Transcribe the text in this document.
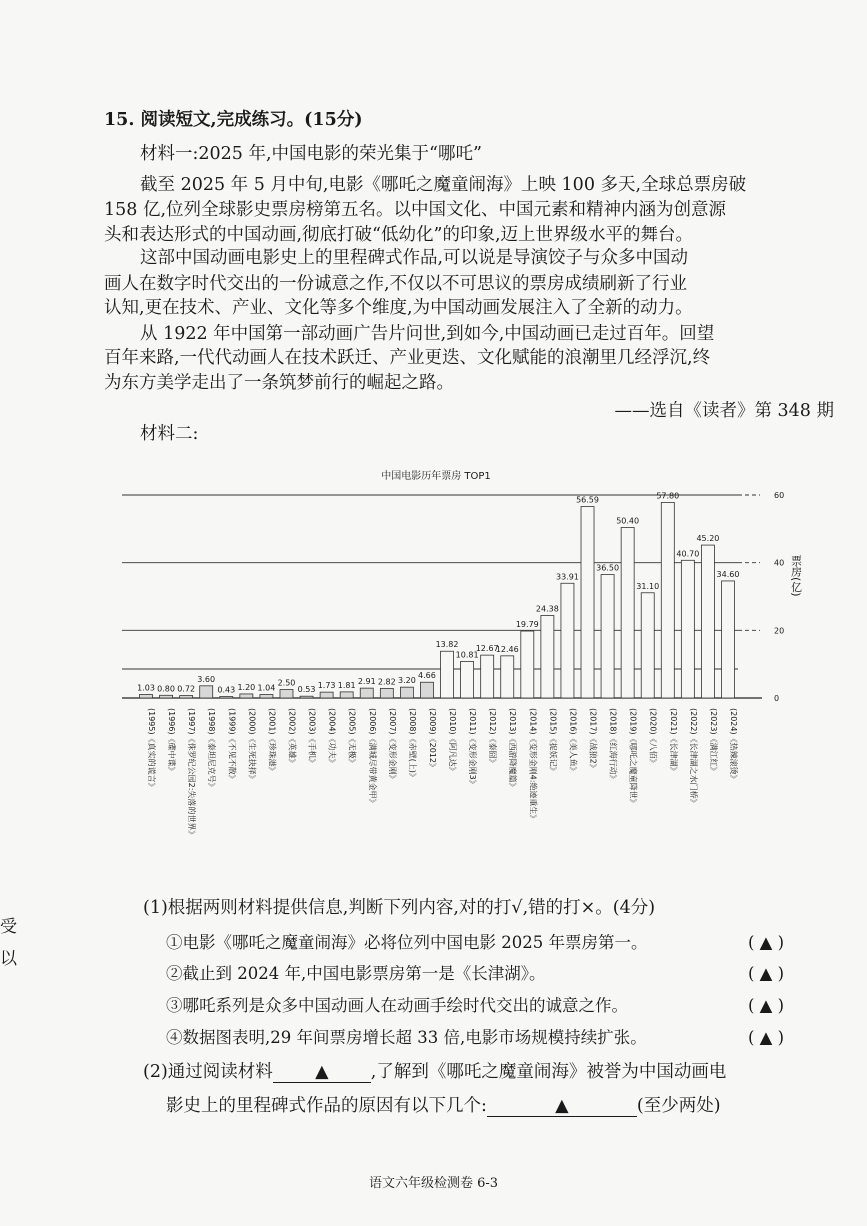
15. 阅读短文,完成练习。(15分)
材料一:2025 年,中国电影的荣光集于“哪吒”
截至 2025 年 5 月中旬,电影《哪吒之魔童闹海》上映 100 多天,全球总票房破
158 亿,位列全球影史票房榜第五名。以中国文化、中国元素和精神内涵为创意源
头和表达形式的中国动画,彻底打破“低幼化”的印象,迈上世界级水平的舞台。
这部中国动画电影史上的里程碑式作品,可以说是导演饺子与众多中国动
画人在数字时代交出的一份诚意之作,不仅以不可思议的票房成绩刷新了行业
认知,更在技术、产业、文化等多个维度,为中国动画发展注入了全新的动力。
从 1922 年中国第一部动画广告片问世,到如今,中国动画已走过百年。回望
百年来路,一代代动画人在技术跃迁、产业更迭、文化赋能的浪潮里几经浮沉,终
为东方美学走出了一条筑梦前行的崛起之路。
——选自《读者》第 348 期
材料二:
受
以
中国电影历年票房 TOP1
0
20
40
60
票房(亿)
1.03
(1995)《真实的谎言》
0.80
(1996)《碟中谍》
0.72
(1997)《侏罗纪公园2:失落的世界》
3.60
(1998)《泰坦尼克号》
0.43
(1999)《不见不散》
1.20
(2000)《生死抉择》
1.04
(2001)《珍珠港》
2.50
(2002)《英雄》
0.53
(2003)《手机》
1.73
(2004)《功夫》
1.81
(2005)《无极》
2.91
(2006)《满城尽带黄金甲》
2.82
(2007)《变形金刚》
3.20
(2008)《赤壁(上)》
4.66
(2009)《2012》
13.82
(2010)《阿凡达》
10.81
(2011)《变形金刚3》
12.67
(2012)《泰囧》
12.46
(2013)《西游降魔篇》
19.79
(2014)《变形金刚4:绝迹重生》
24.38
(2015)《捉妖记》
33.91
(2016)《美人鱼》
56.59
(2017)《战狼2》
36.50
(2018)《红海行动》
50.40
(2019)《哪吒之魔童降世》
31.10
(2020)《八佰》
57.80
(2021)《长津湖》
40.70
(2022)《长津湖之水门桥》
45.20
(2023)《满江红》
34.60
(2024)《热辣滚烫》
(1)根据两则材料提供信息,判断下列内容,对的打√,错的打×。(4分)
①电影《哪吒之魔童闹海》必将位列中国电影 2025 年票房第一。	( ▲ )
②截止到 2024 年,中国电影票房第一是《长津湖》。	( ▲ )
③哪吒系列是众多中国动画人在动画手绘时代交出的诚意之作。	( ▲ )
④数据图表明,29 年间票房增长超 33 倍,电影市场规模持续扩张。	( ▲ )
(2)通过阅读材料 ▲ ,了解到《哪吒之魔童闹海》被誉为中国动画电
影史上的里程碑式作品的原因有以下几个:	▲	(至少两处)
语文六年级检测卷 6-3
